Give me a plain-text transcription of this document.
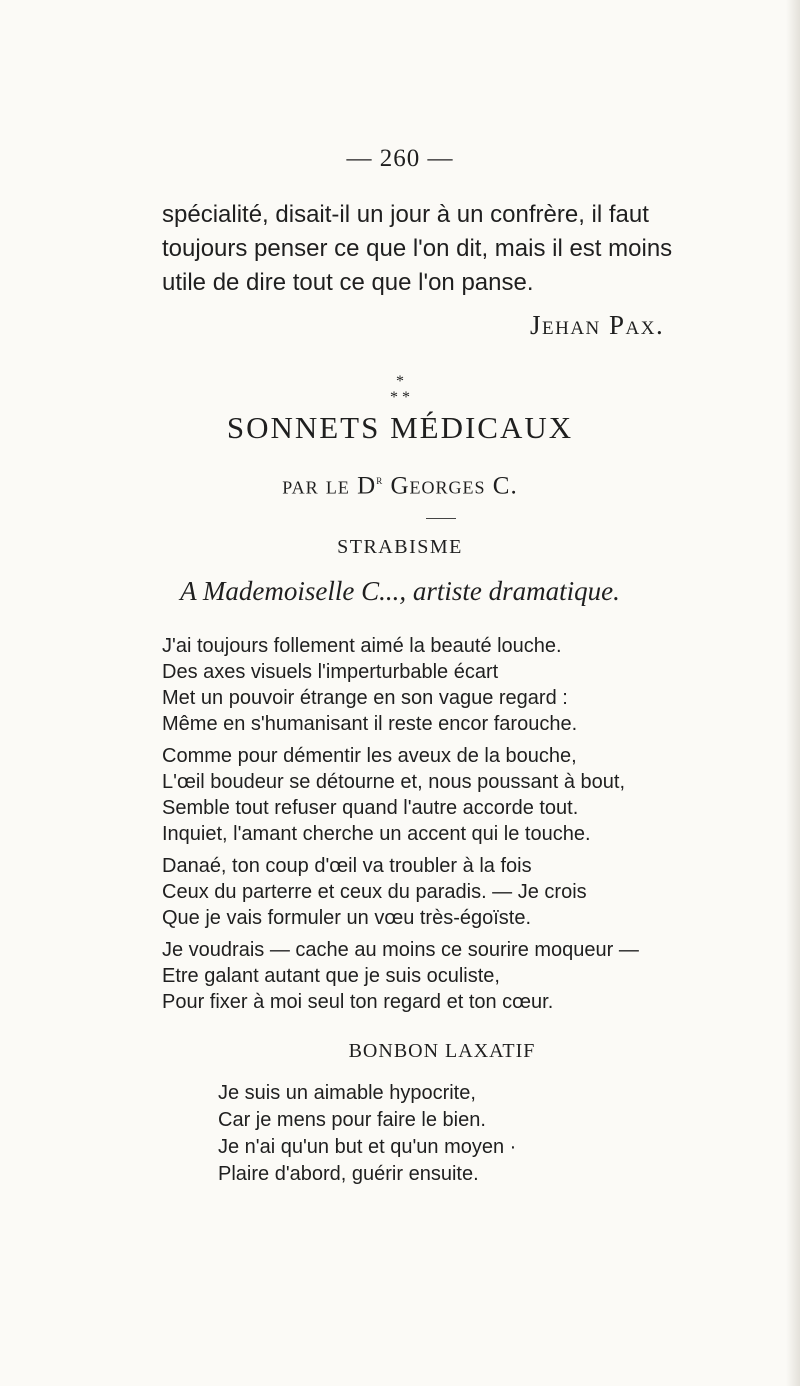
— 260 —

spécialité, disait-il un jour à un confrère, il faut

toujours penser ce que l'on dit, mais il est moins

utile de dire tout ce que l'on panse.

Jehan Pax.
*
* *
SONNETS MÉDICAUX
par le $D^r$ Georges C.
STRABISME
A Mademoiselle C..., artiste dramatique.
J'ai toujours follement aimé la beauté louche.
Des axes visuels l'imperturbable écart
Met un pouvoir étrange en son vague regard :
Même en s'humanisant il reste encor farouche.
Comme pour démentir les aveux de la bouche,
L'œil boudeur se détourne et, nous poussant à bout,
Semble tout refuser quand l'autre accorde tout.
Inquiet, l'amant cherche un accent qui le touche.
Danaé, ton coup d'œil va troubler à la fois
Ceux du parterre et ceux du paradis. — Je crois
Que je vais formuler un vœu très-égoïste.
Je voudrais — cache au moins ce sourire moqueur —
Etre galant autant que je suis oculiste,
Pour fixer à moi seul ton regard et ton cœur.
BONBON LAXATIF
Je suis un aimable hypocrite,
Car je mens pour faire le bien.
Je n'ai qu'un but et qu'un moyen ·
Plaire d'abord, guérir ensuite.
